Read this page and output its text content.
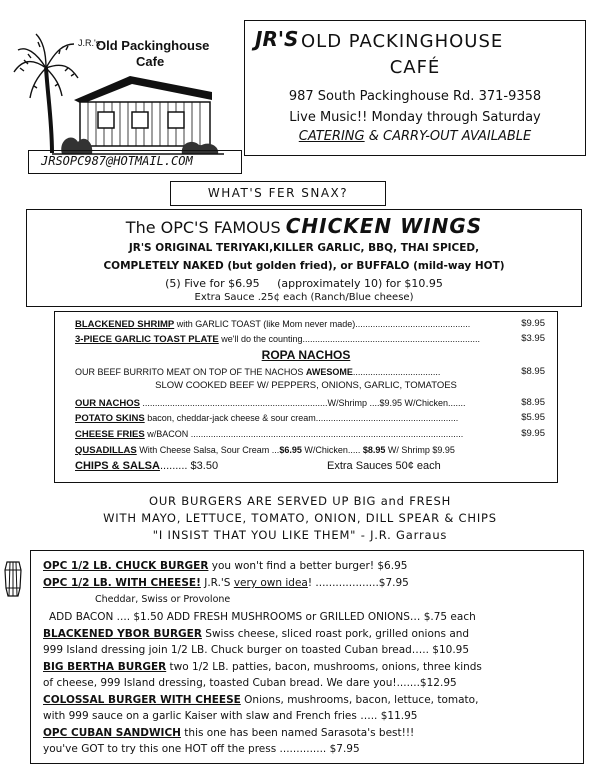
J.R.'s
Old Packinghouse
Cafe
JR'S OLD PACKINGHOUSE
CAFÉ
987 South Packinghouse Rd. 371-9358
Live Music!! Monday through Saturday
CATERING & CARRY-OUT AVAILABLE
JRSOPC987@HOTMAIL.COM
WHAT'S FER SNAX?
The OPC'S FAMOUS CHICKEN WINGS
JR'S ORIGINAL TERIYAKI,KILLER GARLIC, BBQ, THAI SPICED,
COMPLETELY NAKED (but golden fried), or BUFFALO (mild-way HOT)
(5) Five for $6.95     (approximately 10) for $10.95
Extra Sauce .25¢ each (Ranch/Blue cheese)
BLACKENED SHRIMP with GARLIC TOAST (like Mom never made)..............................................	$9.95
3-PIECE GARLIC TOAST PLATE we'll do the counting.......................................................................	$3.95
ROPA NACHOS
OUR BEEF BURRITO MEAT ON TOP OF THE NACHOS AWESOME...................................	$8.95
SLOW COOKED BEEF W/ PEPPERS, ONIONS, GARLIC, TOMATOES
OUR NACHOS ..........................................................................W/Shrimp ....$9.95 W/Chicken.......	$8.95
POTATO SKINS bacon, cheddar-jack cheese & sour cream.........................................................	$5.95
CHEESE FRIES w/BACON .............................................................................................................	$9.95
QUSADILLAS With Cheese Salsa, Sour Cream ...$6.95 W/Chicken..... $8.95 W/ Shrimp $9.95
CHIPS & SALSA......... $3.50	Extra Sauces 50¢ each
OUR BURGERS ARE SERVED UP BIG and FRESH
WITH MAYO, LETTUCE, TOMATO, ONION, DILL SPEAR & CHIPS
"I INSIST THAT YOU LIKE THEM" - J.R. Garraus
OPC 1/2 LB. CHUCK BURGER you won't find a better burger! $6.95
OPC 1/2 LB. WITH CHEESE! J.R.'S very own idea! ...................$7.95
Cheddar, Swiss or Provolone
ADD BACON .... $1.50 ADD FRESH MUSHROOMS or GRILLED ONIONS… $.75 each
BLACKENED YBOR BURGER Swiss cheese, sliced roast pork, grilled onions and
999 Island dressing join 1/2 LB. Chuck burger on toasted Cuban bread….. $10.95
BIG BERTHA BURGER two 1/2 LB. patties, bacon, mushrooms, onions, three kinds
of cheese, 999 Island dressing, toasted Cuban bread. We dare you!.......$12.95
COLOSSAL BURGER WITH CHEESE Onions, mushrooms, bacon, lettuce, tomato,
with 999 sauce on a garlic Kaiser with slaw and French fries ….. $11.95
OPC CUBAN SANDWICH this one has been named Sarasota's best!!!
you've GOT to try this one HOT off the press .............. $7.95
